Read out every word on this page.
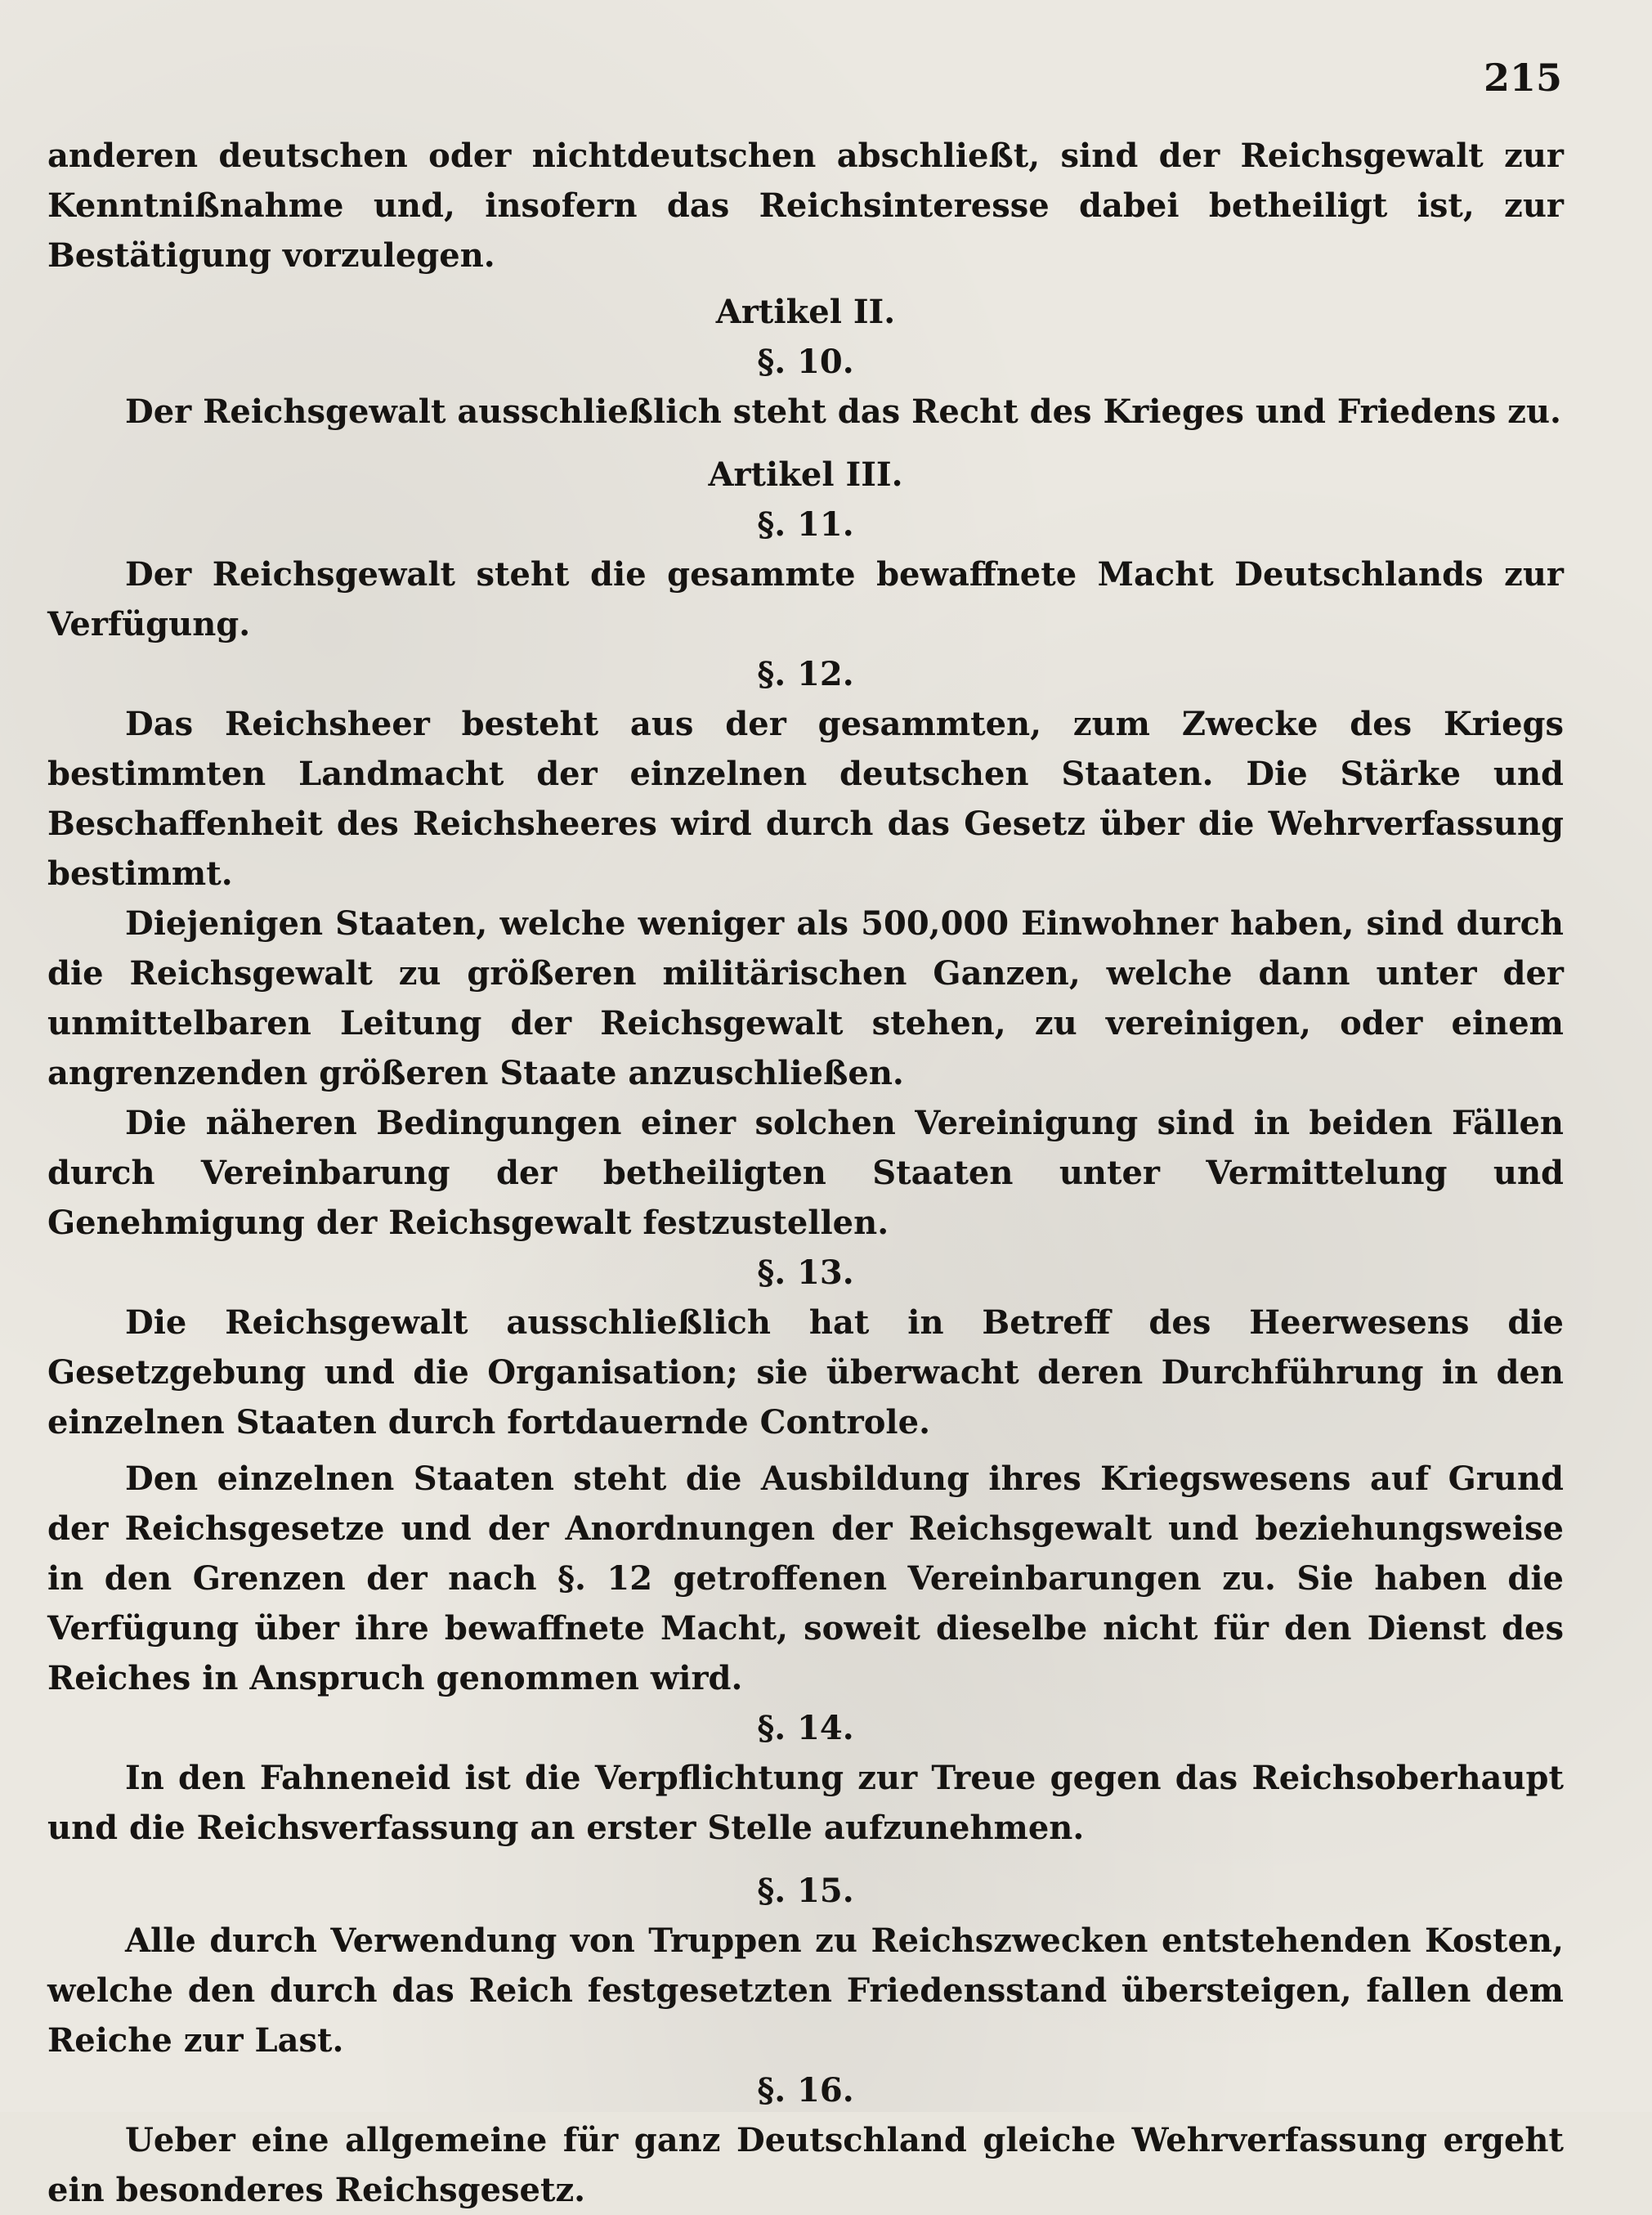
215

anderen deutschen oder nichtdeutschen abschließt, sind der Reichsgewalt zur Kenntnißnahme und, insofern das Reichsinteresse dabei betheiligt ist, zur Bestätigung vorzulegen.

Artikel II.
§. 10.

Der Reichsgewalt ausschließlich steht das Recht des Krieges und Friedens zu.

Artikel III.
§. 11.

Der Reichsgewalt steht die gesammte bewaffnete Macht Deutschlands zur Verfügung.

§. 12.

Das Reichsheer besteht aus der gesammten, zum Zwecke des Kriegs bestimmten Landmacht der einzelnen deutschen Staaten. Die Stärke und Beschaffenheit des Reichsheeres wird durch das Gesetz über die Wehrverfassung bestimmt.

Diejenigen Staaten, welche weniger als 500,000 Einwohner haben, sind durch die Reichsgewalt zu größeren militärischen Ganzen, welche dann unter der unmittelbaren Leitung der Reichsgewalt stehen, zu vereinigen, oder einem angrenzenden größeren Staate anzuschließen.

Die näheren Bedingungen einer solchen Vereinigung sind in beiden Fällen durch Vereinbarung der betheiligten Staaten unter Vermittelung und Genehmigung der Reichsgewalt festzustellen.

§. 13.

Die Reichsgewalt ausschließlich hat in Betreff des Heerwesens die Gesetzgebung und die Organisation; sie überwacht deren Durchführung in den einzelnen Staaten durch fortdauernde Controle.

Den einzelnen Staaten steht die Ausbildung ihres Kriegswesens auf Grund der Reichsgesetze und der Anordnungen der Reichsgewalt und beziehungsweise in den Grenzen der nach §. 12 getroffenen Vereinbarungen zu. Sie haben die Verfügung über ihre bewaffnete Macht, soweit dieselbe nicht für den Dienst des Reiches in Anspruch genommen wird.

§. 14.

In den Fahneneid ist die Verpflichtung zur Treue gegen das Reichsoberhaupt und die Reichsverfassung an erster Stelle aufzunehmen.

§. 15.

Alle durch Verwendung von Truppen zu Reichszwecken entstehenden Kosten, welche den durch das Reich festgesetzten Friedensstand übersteigen, fallen dem Reiche zur Last.

§. 16.

Ueber eine allgemeine für ganz Deutschland gleiche Wehrverfassung ergeht ein besonderes Reichsgesetz.
